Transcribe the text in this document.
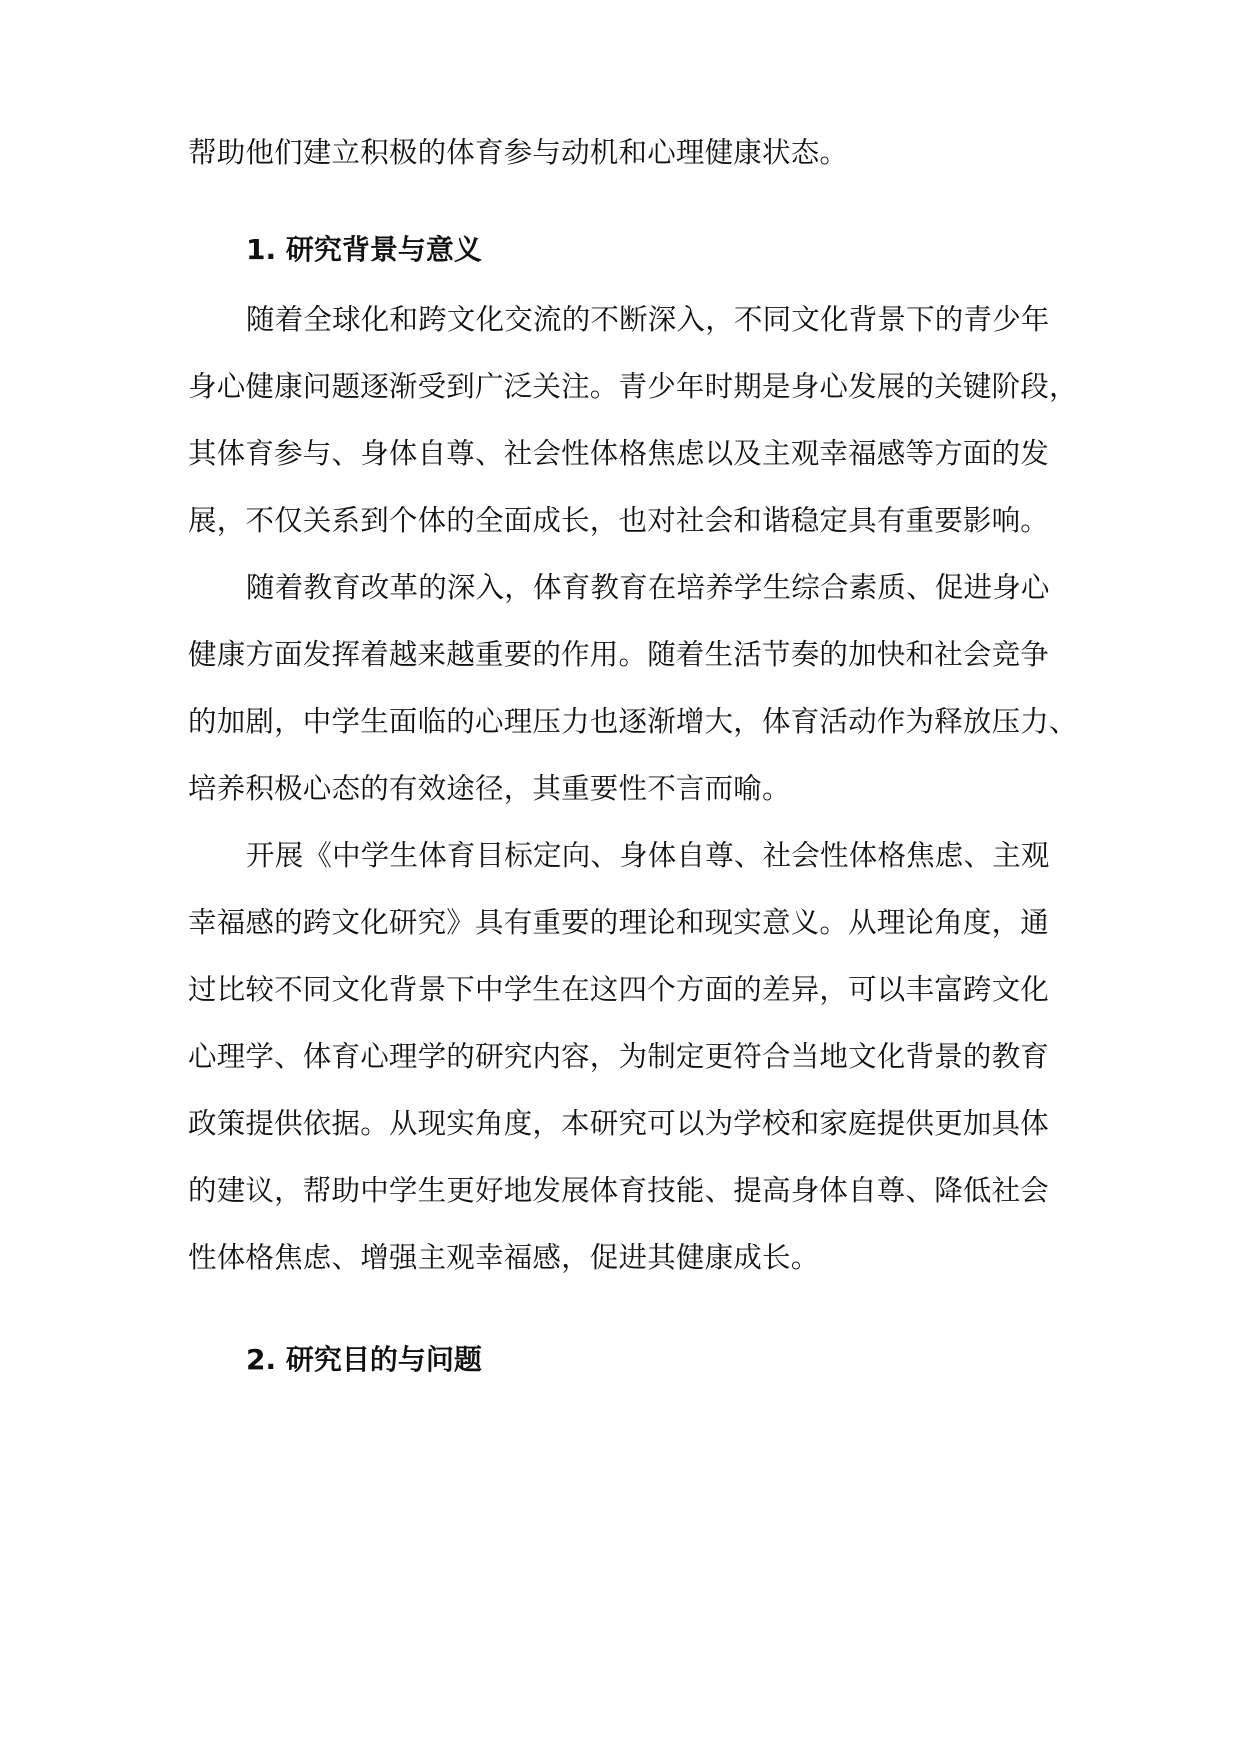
帮助他们建立积极的体育参与动机和心理健康状态。
1. 研究背景与意义
随着全球化和跨文化交流的不断深入，不同文化背景下的青少年
身心健康问题逐渐受到广泛关注。青少年时期是身心发展的关键阶段，
其体育参与、身体自尊、社会性体格焦虑以及主观幸福感等方面的发
展，不仅关系到个体的全面成长，也对社会和谐稳定具有重要影响。
随着教育改革的深入，体育教育在培养学生综合素质、促进身心
健康方面发挥着越来越重要的作用。随着生活节奏的加快和社会竞争
的加剧，中学生面临的心理压力也逐渐增大，体育活动作为释放压力、
培养积极心态的有效途径，其重要性不言而喻。
开展《中学生体育目标定向、身体自尊、社会性体格焦虑、主观
幸福感的跨文化研究》具有重要的理论和现实意义。从理论角度，通
过比较不同文化背景下中学生在这四个方面的差异，可以丰富跨文化
心理学、体育心理学的研究内容，为制定更符合当地文化背景的教育
政策提供依据。从现实角度，本研究可以为学校和家庭提供更加具体
的建议，帮助中学生更好地发展体育技能、提高身体自尊、降低社会
性体格焦虑、增强主观幸福感，促进其健康成长。
2. 研究目的与问题
